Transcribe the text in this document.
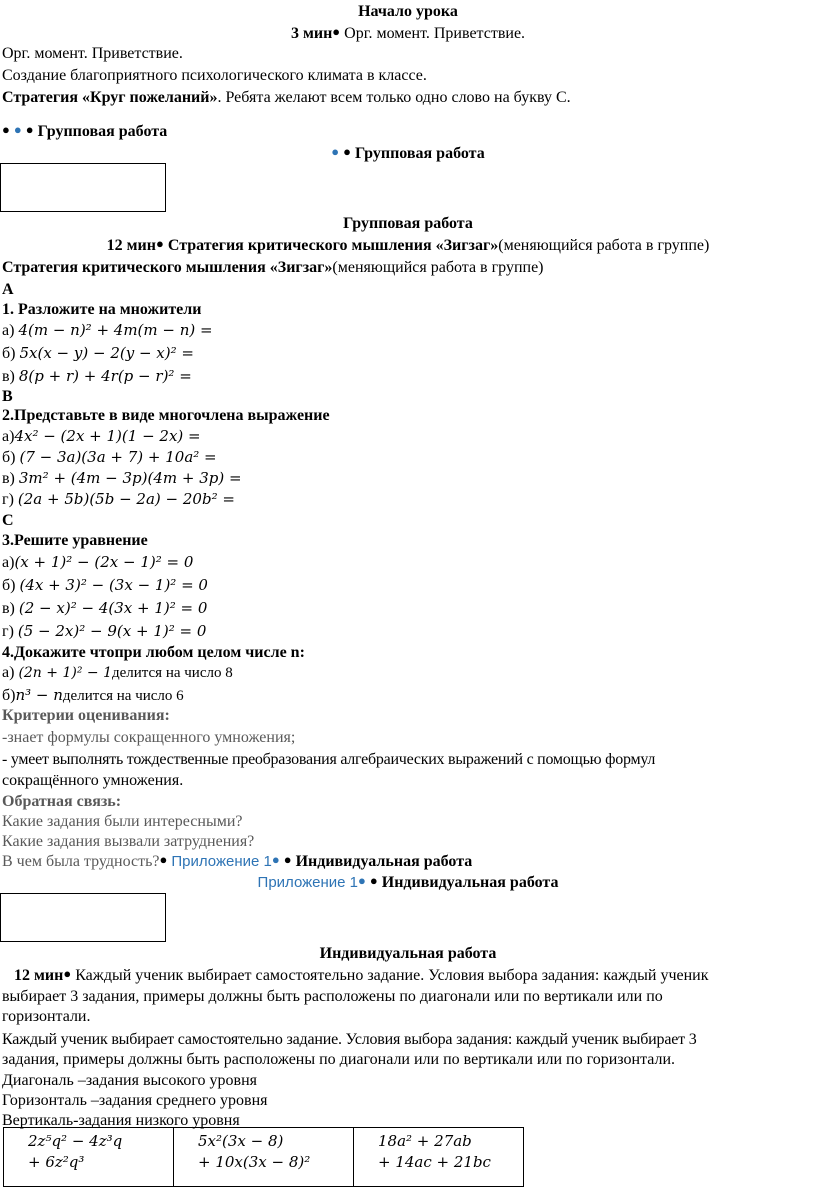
Начало урока
3 мин● Орг. момент. Приветствие.
Орг. момент. Приветствие.
Создание благоприятного психологического климата в классе.
Стратегия «Круг пожеланий». Ребята желают всем только одно слово на букву С.
● ● ● Групповая работа
● ● Групповая работа
Групповая работа
12 мин● Стратегия критического мышления «Зигзаг»(меняющийся работа в группе)
Стратегия критического мышления «Зигзаг»(меняющийся работа в группе)
А
1. Разложите на множители
а) 4(m − n)² + 4m(m − n) =
б) 5x(x − y) − 2(y − x)² =
в) 8(p + r) + 4r(p − r)² =
В
2.Представьте в виде многочлена выражение
а)4x² − (2x + 1)(1 − 2x) =
б) (7 − 3a)(3a + 7) + 10a² =
в) 3m² + (4m − 3p)(4m + 3p) =
г) (2a + 5b)(5b − 2a) − 20b² =
С
3.Решите уравнение
а)(x + 1)² − (2x − 1)² = 0
б) (4x + 3)² − (3x − 1)² = 0
в) (2 − x)² − 4(3x + 1)² = 0
г) (5 − 2x)² − 9(x + 1)² = 0
4.Докажите чтопри любом целом числе n:
а) (2n + 1)² − 1делится на число 8
б)n³ − nделится на число 6
Критерии оценивания:
-знает формулы сокращенного умножения;
- умеет выполнять тождественные преобразования алгебраических выражений с помощью формул
сокращённого умножения.
Обратная связь:
Какие задания были интересными?
Какие задания вызвали затруднения?
В чем была трудность?● Приложение 1● ● Индивидуальная работа
Приложение 1● ● Индивидуальная работа
Индивидуальная работа
12 мин● Каждый ученик выбирает самостоятельно задание. Условия выбора задания: каждый ученик
выбирает 3 задания, примеры должны быть расположены по диагонали или по вертикали или по
горизонтали.
Каждый ученик выбирает самостоятельно задание. Условия выбора задания: каждый ученик выбирает 3
задания, примеры должны быть расположены по диагонали или по вертикали или по горизонтали.
Диагональ –задания высокого уровня
Горизонталь –задания среднего уровня
Вертикаль-задания низкого уровня
2z⁵q² − 4z³q
+ 6z²q³

5x²(3x − 8)
+ 10x(3x − 8)²

18a² + 27ab
+ 14ac + 21bc
